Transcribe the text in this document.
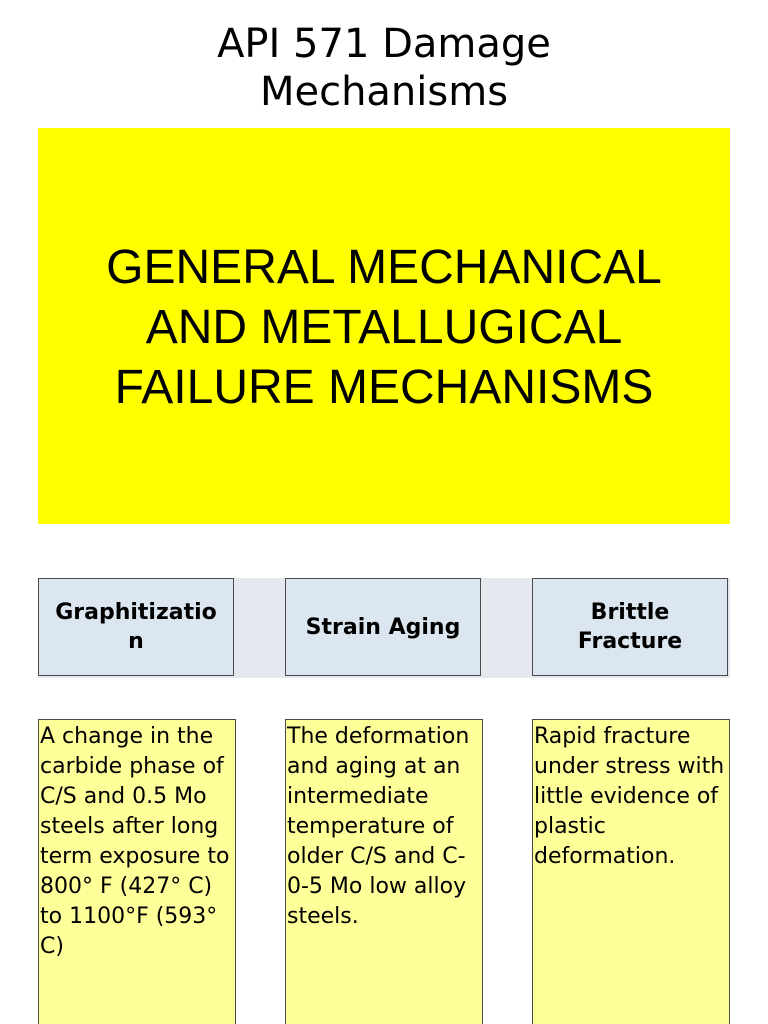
API 571 Damage
Mechanisms
GENERAL MECHANICAL
AND METALLUGICAL
FAILURE MECHANISMS
Graphitizatio
n
Strain Aging
Brittle
Fracture
A change in the carbide phase of C/S and 0.5 Mo steels after long term exposure to 800° F (427° C) to 1100°F (593° C)
The deformation and aging at an intermediate temperature of older C/S and C-0-5 Mo low alloy steels.
Rapid fracture under stress with little evidence of plastic deformation.
